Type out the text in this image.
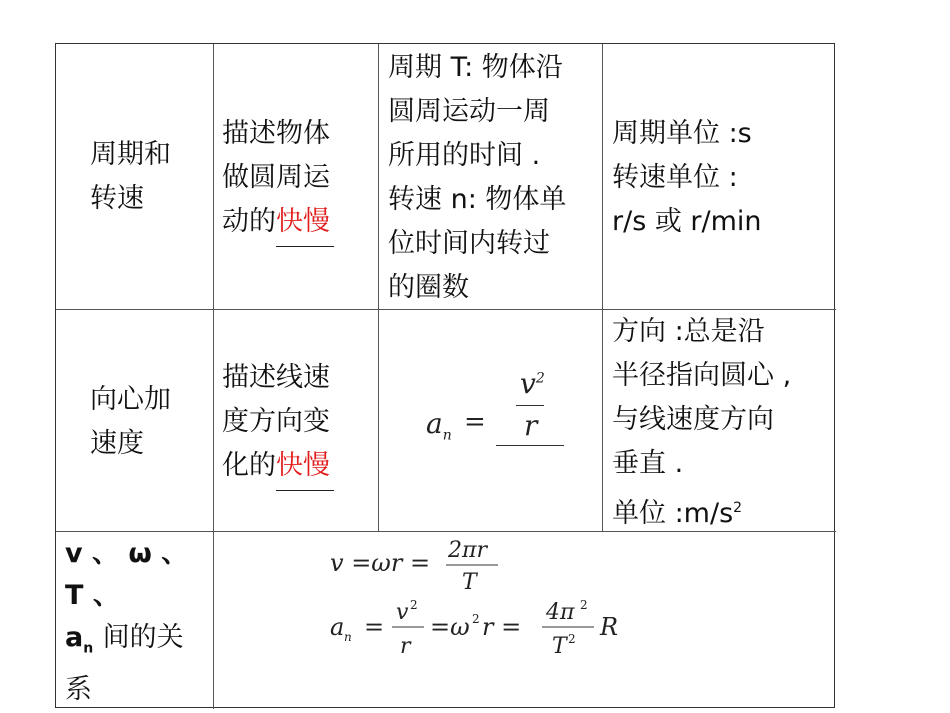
周期和
转速
描述物体
做圆周运
动的快慢
周期 T: 物体沿
圆周运动一周
所用的时间 .
转速 n: 物体单
位时间内转过
的圈数
周期单位 :s
转速单位 :
r/s 或 r/min
向心加
速度
描述线速
度方向变
化的快慢
$a_n$ =
$v^2$
r
方向 :总是沿
半径指向圆心 ,
与线速度方向
垂直 .
单位 $:m/s^2$
v 、 ω 、
T 、
$a_n$ 间的关
系
v =ωr = 2πr
T
a n =
v 2
r
=ω 2 r =
4π 2
T 2 R
